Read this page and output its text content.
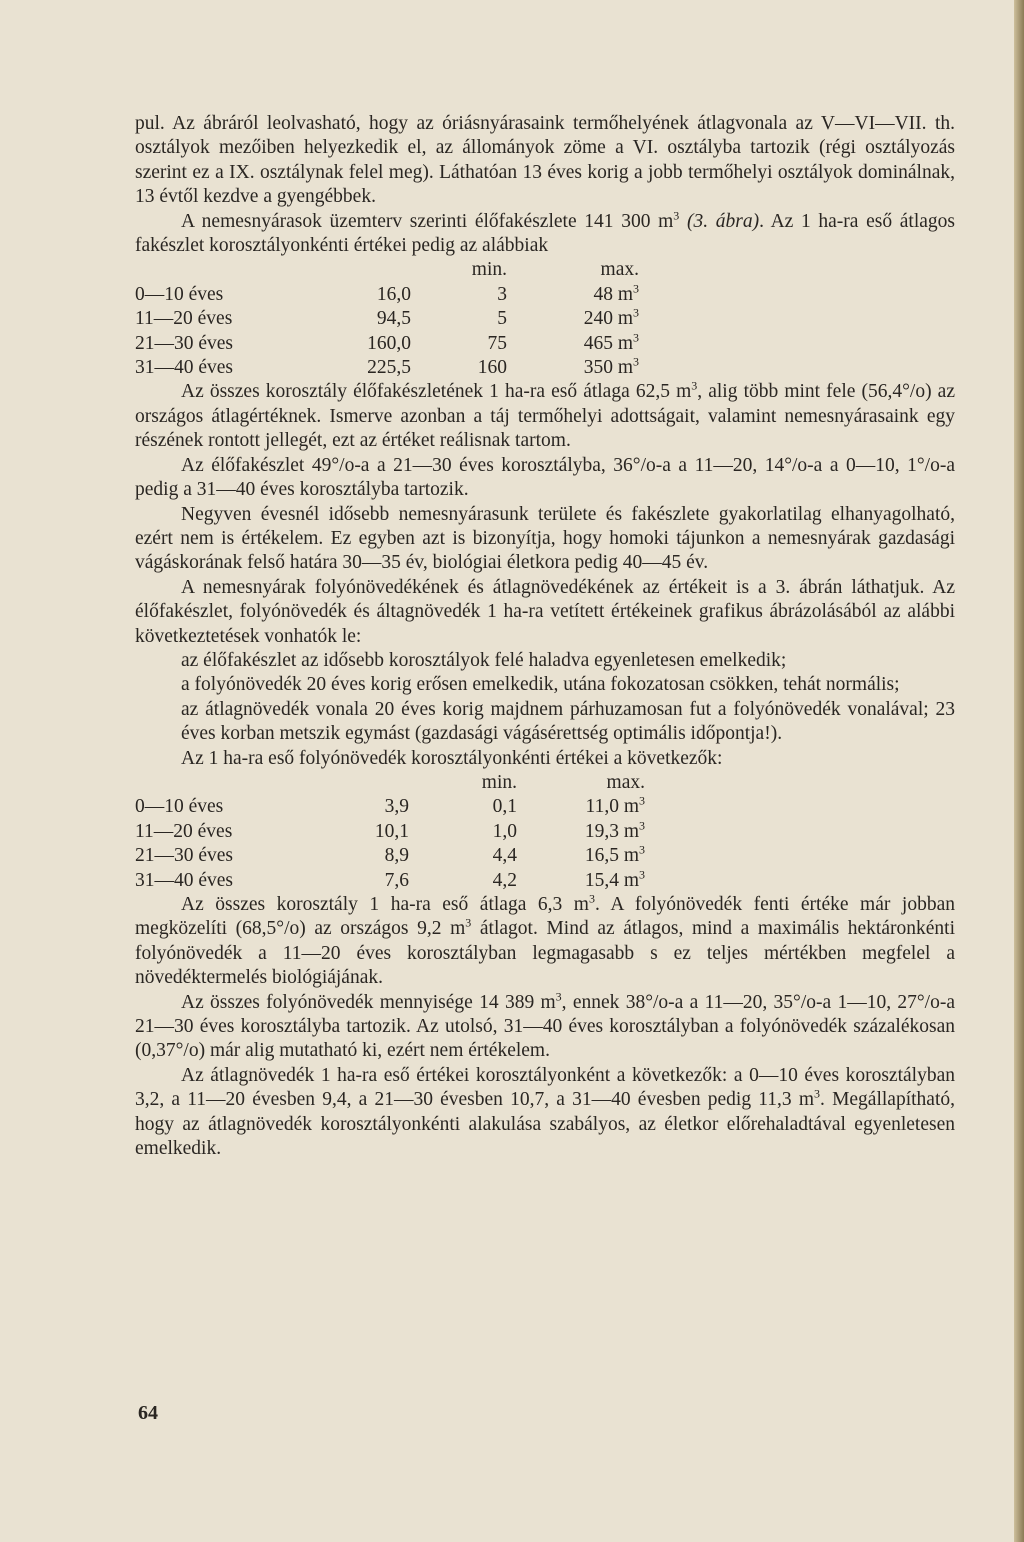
pul. Az ábráról leolvasható, hogy az óriásnyárasaink termőhelyének átlagvonala az V—VI—VII. th. osztályok mezőiben helyezkedik el, az állományok zöme a VI. osztályba tartozik (régi osztályozás szerint ez a IX. osztálynak felel meg). Láthatóan 13 éves korig a jobb termőhelyi osztályok dominálnak, 13 évtől kezdve a gyengébbek.

A nemesnyárasok üzemterv szerinti élőfakészlete 141 300 $m^3$ (3. ábra). Az 1 ha-ra eső átlagos fakészlet korosztályonkénti értékei pedig az alábbiak

		min.	max.
0—10 éves	16,0	3	48 $m^3$
11—20 éves	94,5	5	240 $m^3$
21—30 éves	160,0	75	465 $m^3$
31—40 éves	225,5	160	350 $m^3$

Az összes korosztály élőfakészletének 1 ha-ra eső átlaga 62,5 $m^3$, alig több mint fele (56,4°/o) az országos átlagértéknek. Ismerve azonban a táj termőhelyi adottságait, valamint nemesnyárasaink egy részének rontott jellegét, ezt az értéket reálisnak tartom.

Az élőfakészlet 49°/o-a a 21—30 éves korosztályba, 36°/o-a a 11—20, 14°/o-a a 0—10, 1°/o-a pedig a 31—40 éves korosztályba tartozik.

Negyven évesnél idősebb nemesnyárasunk területe és fakészlete gyakorlatilag elhanyagolható, ezért nem is értékelem. Ez egyben azt is bizonyítja, hogy homoki tájunkon a nemesnyárak gazdasági vágáskorának felső határa 30—35 év, biológiai életkora pedig 40—45 év.

A nemesnyárak folyónövedékének és átlagnövedékének az értékeit is a 3. ábrán láthatjuk. Az élőfakészlet, folyónövedék és áltagnövedék 1 ha-ra vetített értékeinek grafikus ábrázolásából az alábbi következtetések vonhatók le:

az élőfakészlet az idősebb korosztályok felé haladva egyenletesen emelkedik;

a folyónövedék 20 éves korig erősen emelkedik, utána fokozatosan csökken, tehát normális;

az átlagnövedék vonala 20 éves korig majdnem párhuzamosan fut a folyónövedék vonalával; 23 éves korban metszik egymást (gazdasági vágásérettség optimális időpontja!).

Az 1 ha-ra eső folyónövedék korosztályonkénti értékei a következők:

		min.	max.
0—10 éves	3,9	0,1	11,0 $m^3$
11—20 éves	10,1	1,0	19,3 $m^3$
21—30 éves	8,9	4,4	16,5 $m^3$
31—40 éves	7,6	4,2	15,4 $m^3$

Az összes korosztály 1 ha-ra eső átlaga 6,3 $m^3$. A folyónövedék fenti értéke már jobban megközelíti (68,5°/o) az országos 9,2 $m^3$ átlagot. Mind az átlagos, mind a maximális hektáronkénti folyónövedék a 11—20 éves korosztályban legmagasabb s ez teljes mértékben megfelel a növedéktermelés biológiájának.

Az összes folyónövedék mennyisége 14 389 $m^3$, ennek 38°/o-a a 11—20, 35°/o-a 1—10, 27°/o-a 21—30 éves korosztályba tartozik. Az utolsó, 31—40 éves korosztályban a folyónövedék százalékosan (0,37°/o) már alig mutatható ki, ezért nem értékelem.

Az átlagnövedék 1 ha-ra eső értékei korosztályonként a következők: a 0—10 éves korosztályban 3,2, a 11—20 évesben 9,4, a 21—30 évesben 10,7, a 31—40 évesben pedig 11,3 $m^3$. Megállapítható, hogy az átlagnövedék korosztályonkénti alakulása szabályos, az életkor előrehaladtával egyenletesen emelkedik.

64
